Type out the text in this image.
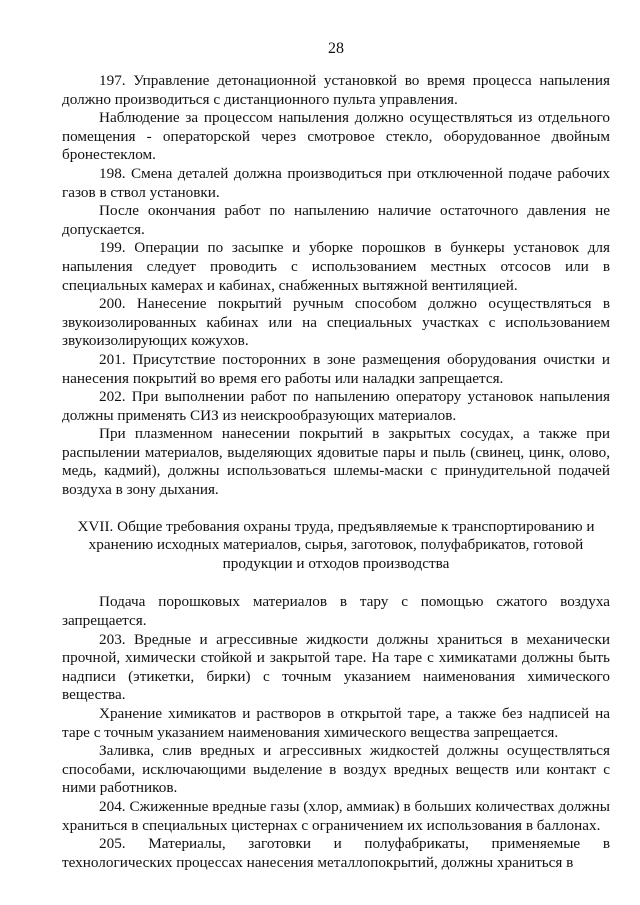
28

197. Управление детонационной установкой во время процесса напыления должно производиться с дистанционного пульта управления.

Наблюдение за процессом напыления должно осуществляться из отдельного помещения - операторской через смотровое стекло, оборудованное двойным бронестеклом.

198. Смена деталей должна производиться при отключенной подаче рабочих газов в ствол установки.

После окончания работ по напылению наличие остаточного давления не допускается.

199. Операции по засыпке и уборке порошков в бункеры установок для напыления следует проводить с использованием местных отсосов или в специальных камерах и кабинах, снабженных вытяжной вентиляцией.

200. Нанесение покрытий ручным способом должно осуществляться в звукоизолированных кабинах или на специальных участках с использованием звукоизолирующих кожухов.

201. Присутствие посторонних в зоне размещения оборудования очистки и нанесения покрытий во время его работы или наладки запрещается.

202. При выполнении работ по напылению оператору установок напыления должны применять СИЗ из неискрообразующих материалов.

При плазменном нанесении покрытий в закрытых сосудах, а также при распылении материалов, выделяющих ядовитые пары и пыль (свинец, цинк, олово, медь, кадмий), должны использоваться шлемы-маски с принудительной подачей воздуха в зону дыхания.

XVII. Общие требования охраны труда, предъявляемые к транспортированию и
хранению исходных материалов, сырья, заготовок, полуфабрикатов, готовой
продукции и отходов производства

Подача порошковых материалов в тару с помощью сжатого воздуха запрещается.

203. Вредные и агрессивные жидкости должны храниться в механически прочной, химически стойкой и закрытой таре. На таре с химикатами должны быть надписи (этикетки, бирки) с точным указанием наименования химического вещества.

Хранение химикатов и растворов в открытой таре, а также без надписей на таре с точным указанием наименования химического вещества запрещается.

Заливка, слив вредных и агрессивных жидкостей должны осуществляться способами, исключающими выделение в воздух вредных веществ или контакт с ними работников.

204. Сжиженные вредные газы (хлор, аммиак) в больших количествах должны храниться в специальных цистернах с ограничением их использования в баллонах.

205. Материалы, заготовки и полуфабрикаты, применяемые в технологических процессах нанесения металлопокрытий, должны храниться в
